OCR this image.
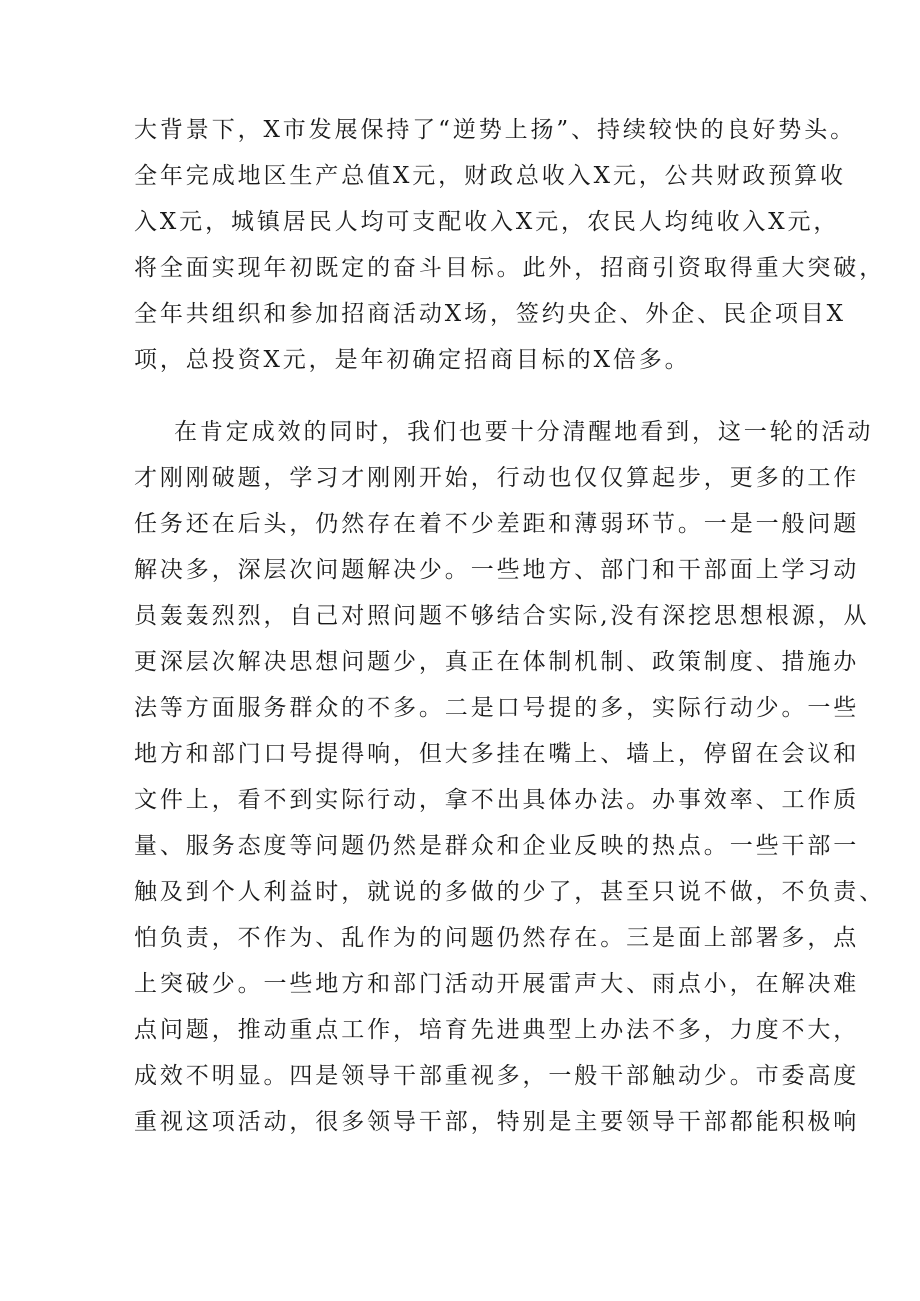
大背景下，X市发展保持了“逆势上扬”、持续较快的良好势头。
全年完成地区生产总值X元，财政总收入X元，公共财政预算收
入X元，城镇居民人均可支配收入X元，农民人均纯收入X元，
将全面实现年初既定的奋斗目标。此外，招商引资取得重大突破，
全年共组织和参加招商活动X场，签约央企、外企、民企项目X
项，总投资X元，是年初确定招商目标的X倍多。
在肯定成效的同时，我们也要十分清醒地看到，这一轮的活动
才刚刚破题，学习才刚刚开始，行动也仅仅算起步，更多的工作
任务还在后头，仍然存在着不少差距和薄弱环节。一是一般问题
解决多，深层次问题解决少。一些地方、部门和干部面上学习动
员轰轰烈烈，自己对照问题不够结合实际,没有深挖思想根源，从
更深层次解决思想问题少，真正在体制机制、政策制度、措施办
法等方面服务群众的不多。二是口号提的多，实际行动少。一些
地方和部门口号提得响，但大多挂在嘴上、墙上，停留在会议和
文件上，看不到实际行动，拿不出具体办法。办事效率、工作质
量、服务态度等问题仍然是群众和企业反映的热点。一些干部一
触及到个人利益时，就说的多做的少了，甚至只说不做，不负责、
怕负责，不作为、乱作为的问题仍然存在。三是面上部署多，点
上突破少。一些地方和部门活动开展雷声大、雨点小，在解决难
点问题，推动重点工作，培育先进典型上办法不多，力度不大，
成效不明显。四是领导干部重视多，一般干部触动少。市委高度
重视这项活动，很多领导干部，特别是主要领导干部都能积极响
